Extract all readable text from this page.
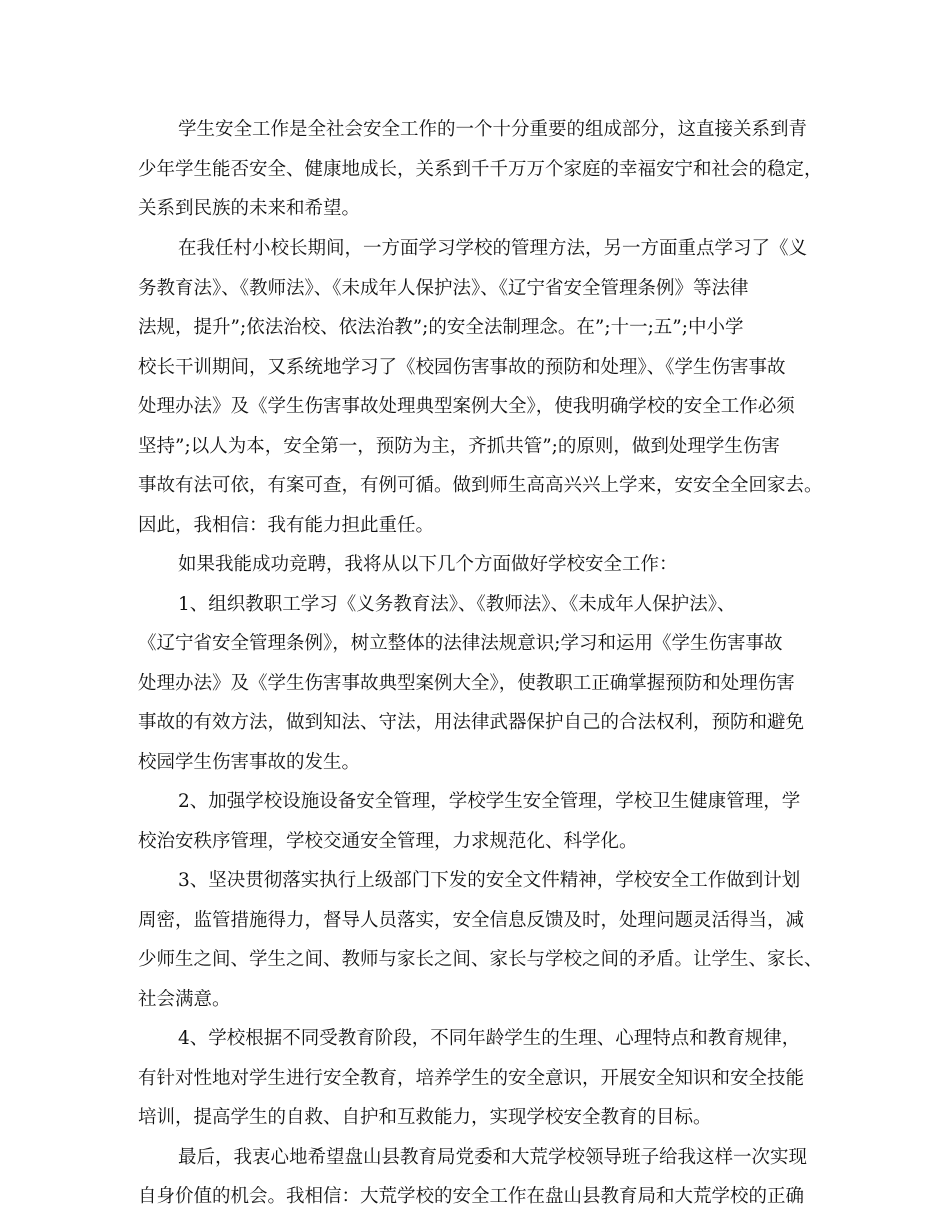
学生安全工作是全社会安全工作的一个十分重要的组成部分，这直接关系到青
少年学生能否安全、健康地成长，关系到千千万万个家庭的幸福安宁和社会的稳定，
关系到民族的未来和希望。
在我任村小校长期间，一方面学习学校的管理方法，另一方面重点学习了《义
务教育法》、《教师法》、《未成年人保护法》、《辽宁省安全管理条例》等法律
法规，提升”;依法治校、依法治教”;的安全法制理念。在”;十一;五”;中小学
校长干训期间，又系统地学习了《校园伤害事故的预防和处理》、《学生伤害事故
处理办法》及《学生伤害事故处理典型案例大全》，使我明确学校的安全工作必须
坚持”;以人为本，安全第一，预防为主，齐抓共管”;的原则，做到处理学生伤害
事故有法可依，有案可查，有例可循。做到师生高高兴兴上学来，安安全全回家去。
因此，我相信：我有能力担此重任。
如果我能成功竞聘，我将从以下几个方面做好学校安全工作：
1、组织教职工学习《义务教育法》、《教师法》、《未成年人保护法》、
《辽宁省安全管理条例》，树立整体的法律法规意识;学习和运用《学生伤害事故
处理办法》及《学生伤害事故典型案例大全》，使教职工正确掌握预防和处理伤害
事故的有效方法，做到知法、守法，用法律武器保护自己的合法权利，预防和避免
校园学生伤害事故的发生。
2、加强学校设施设备安全管理，学校学生安全管理，学校卫生健康管理，学
校治安秩序管理，学校交通安全管理，力求规范化、科学化。
3、坚决贯彻落实执行上级部门下发的安全文件精神，学校安全工作做到计划
周密，监管措施得力，督导人员落实，安全信息反馈及时，处理问题灵活得当，减
少师生之间、学生之间、教师与家长之间、家长与学校之间的矛盾。让学生、家长、
社会满意。
4、学校根据不同受教育阶段，不同年龄学生的生理、心理特点和教育规律，
有针对性地对学生进行安全教育，培养学生的安全意识，开展安全知识和安全技能
培训，提高学生的自救、自护和互救能力，实现学校安全教育的目标。
最后，我衷心地希望盘山县教育局党委和大荒学校领导班子给我这样一次实现
自身价值的机会。我相信：大荒学校的安全工作在盘山县教育局和大荒学校的正确
